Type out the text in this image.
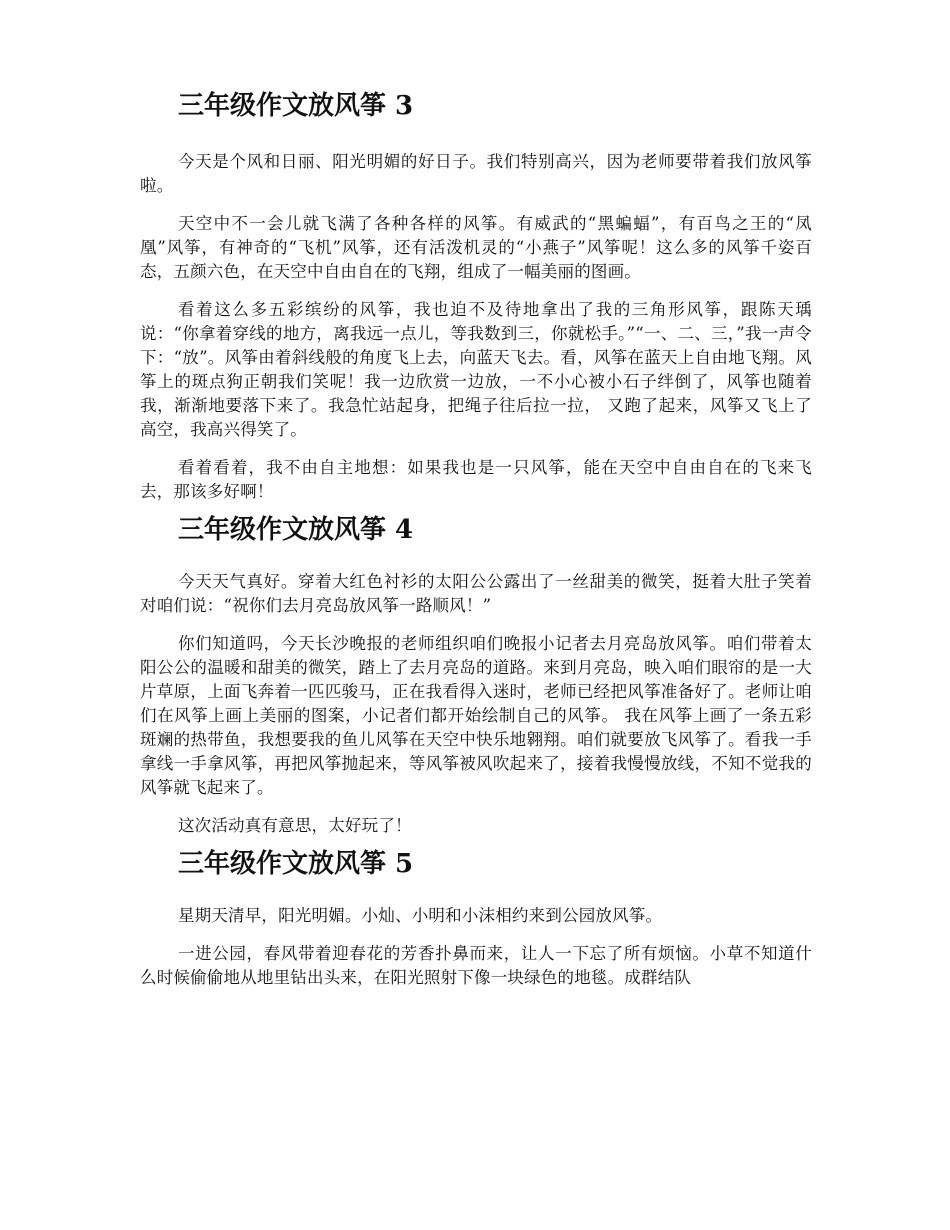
三年级作文放风筝 3

今天是个风和日丽、阳光明媚的好日子。我们特别高兴，因为老师要带着我们放风筝啦。

天空中不一会儿就飞满了各种各样的风筝。有威武的“黑蝙蝠”，有百鸟之王的“凤凰”风筝，有神奇的“飞机”风筝，还有活泼机灵的“小燕子”风筝呢！这么多的风筝千姿百态，五颜六色，在天空中自由自在的飞翔，组成了一幅美丽的图画。

看着这么多五彩缤纷的风筝，我也迫不及待地拿出了我的三角形风筝，跟陈天瑀说：“你拿着穿线的地方，离我远一点儿，等我数到三，你就松手。”“一、二、三，”我一声令下：“放”。风筝由着斜线般的角度飞上去，向蓝天飞去。看，风筝在蓝天上自由地飞翔。风筝上的斑点狗正朝我们笑呢！我一边欣赏一边放，一不小心被小石子绊倒了，风筝也随着我，渐渐地要落下来了。我急忙站起身，把绳子往后拉一拉， 又跑了起来，风筝又飞上了高空，我高兴得笑了。

看着看着，我不由自主地想：如果我也是一只风筝，能在天空中自由自在的飞来飞去，那该多好啊！

三年级作文放风筝 4

今天天气真好。穿着大红色衬衫的太阳公公露出了一丝甜美的微笑，挺着大肚子笑着对咱们说：“祝你们去月亮岛放风筝一路顺风！”

你们知道吗，今天长沙晚报的老师组织咱们晚报小记者去月亮岛放风筝。咱们带着太阳公公的温暖和甜美的微笑，踏上了去月亮岛的道路。来到月亮岛，映入咱们眼帘的是一大片草原，上面飞奔着一匹匹骏马，正在我看得入迷时，老师已经把风筝准备好了。老师让咱们在风筝上画上美丽的图案，小记者们都开始绘制自己的风筝。 我在风筝上画了一条五彩斑斓的热带鱼，我想要我的鱼儿风筝在天空中快乐地翱翔。咱们就要放飞风筝了。看我一手拿线一手拿风筝，再把风筝抛起来，等风筝被风吹起来了，接着我慢慢放线，不知不觉我的风筝就飞起来了。

这次活动真有意思，太好玩了！

三年级作文放风筝 5

星期天清早，阳光明媚。小灿、小明和小沫相约来到公园放风筝。

一进公园，春风带着迎春花的芳香扑鼻而来，让人一下忘了所有烦恼。小草不知道什么时候偷偷地从地里钻出头来，在阳光照射下像一块绿色的地毯。成群结队
